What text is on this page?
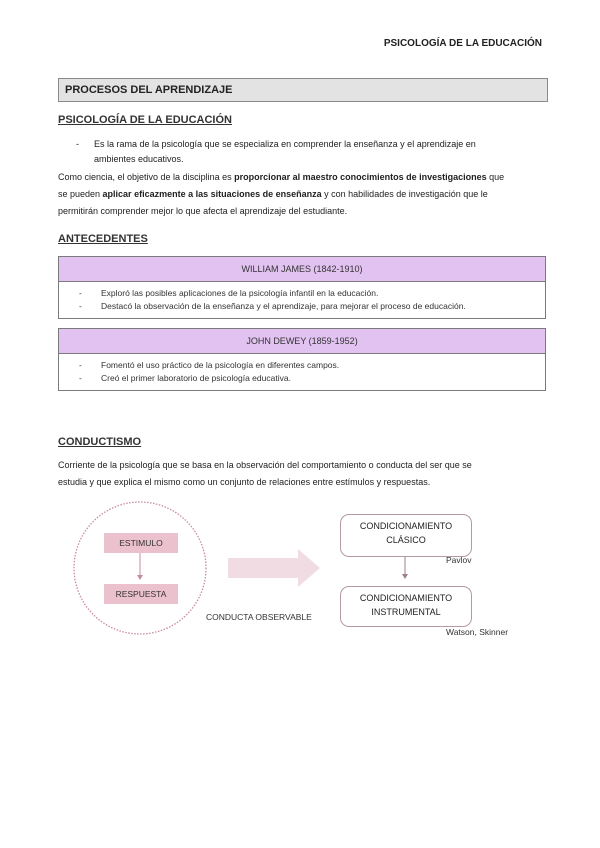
PSICOLOGÍA DE LA EDUCACIÓN
PROCESOS DEL APRENDIZAJE
PSICOLOGÍA DE LA EDUCACIÓN
- Es la rama de la psicología que se especializa en comprender la enseñanza y el aprendizaje en
ambientes educativos.
Como ciencia, el objetivo de la disciplina es proporcionar al maestro conocimientos de investigaciones que
se pueden aplicar eficazmente a las situaciones de enseñanza y con habilidades de investigación que le
permitirán comprender mejor lo que afecta el aprendizaje del estudiante.
ANTECEDENTES
WILLIAM JAMES (1842-1910)
- Exploró las posibles aplicaciones de la psicología infantil en la educación.
- Destacó la observación de la enseñanza y el aprendizaje, para mejorar el proceso de educación.
JOHN DEWEY (1859-1952)
- Fomentó el uso práctico de la psicología en diferentes campos.
- Creó el primer laboratorio de psicología educativa.
CONDUCTISMO
Corriente de la psicología que se basa en la observación del comportamiento o conducta del ser que se
estudia y que explica el mismo como un conjunto de relaciones entre estímulos y respuestas.
ESTIMULO
RESPUESTA
CONDUCTA OBSERVABLE
CONDICIONAMIENTO
CLÁSICO
Pavlov
CONDICIONAMIENTO
INSTRUMENTAL
Watson, Skinner
